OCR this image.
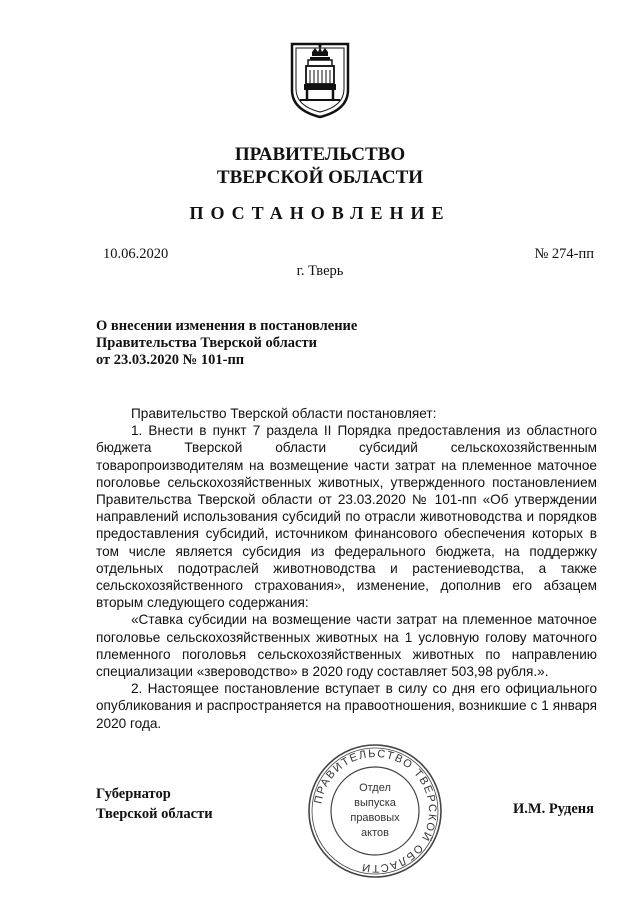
ПРАВИТЕЛЬСТВО
ТВЕРСКОЙ ОБЛАСТИ
ПОСТАНОВЛЕНИЕ
10.06.2020	№ 274-пп
г. Тверь
О внесении изменения в постановление
Правительства Тверской области
от 23.03.2020 № 101-пп

Правительство Тверской области постановляет:

1. Внести в пункт 7 раздела II Порядка предоставления из областного бюджета Тверской области субсидий сельскохозяйственным товаропроизводителям на возмещение части затрат на племенное маточное поголовье сельскохозяйственных животных, утвержденного постановлением Правительства Тверской области от 23.03.2020 № 101-пп «Об утверждении направлений использования субсидий по отрасли животноводства и порядков предоставления субсидий, источником финансового обеспечения которых в том числе является субсидия из федерального бюджета, на поддержку отдельных подотраслей животноводства и растениеводства, а также сельскохозяйственного страхования», изменение, дополнив его абзацем вторым следующего содержания:

«Ставка субсидии на возмещение части затрат на племенное маточное поголовье сельскохозяйственных животных на 1 условную голову маточного племенного поголовья сельскохозяйственных животных по направлению специализации «звероводство» в 2020 году составляет 503,98 рубля.».

2. Настоящее постановление вступает в силу со дня его официального опубликования и распространяется на правоотношения, возникшие с 1 января 2020 года.

Губернатор
Тверской области	И.М. Руденя
ПРАВИТЕЛЬСТВО ТВЕРСКОЙ ОБЛАСТИ
Отдел
выпуска
правовых
актов
